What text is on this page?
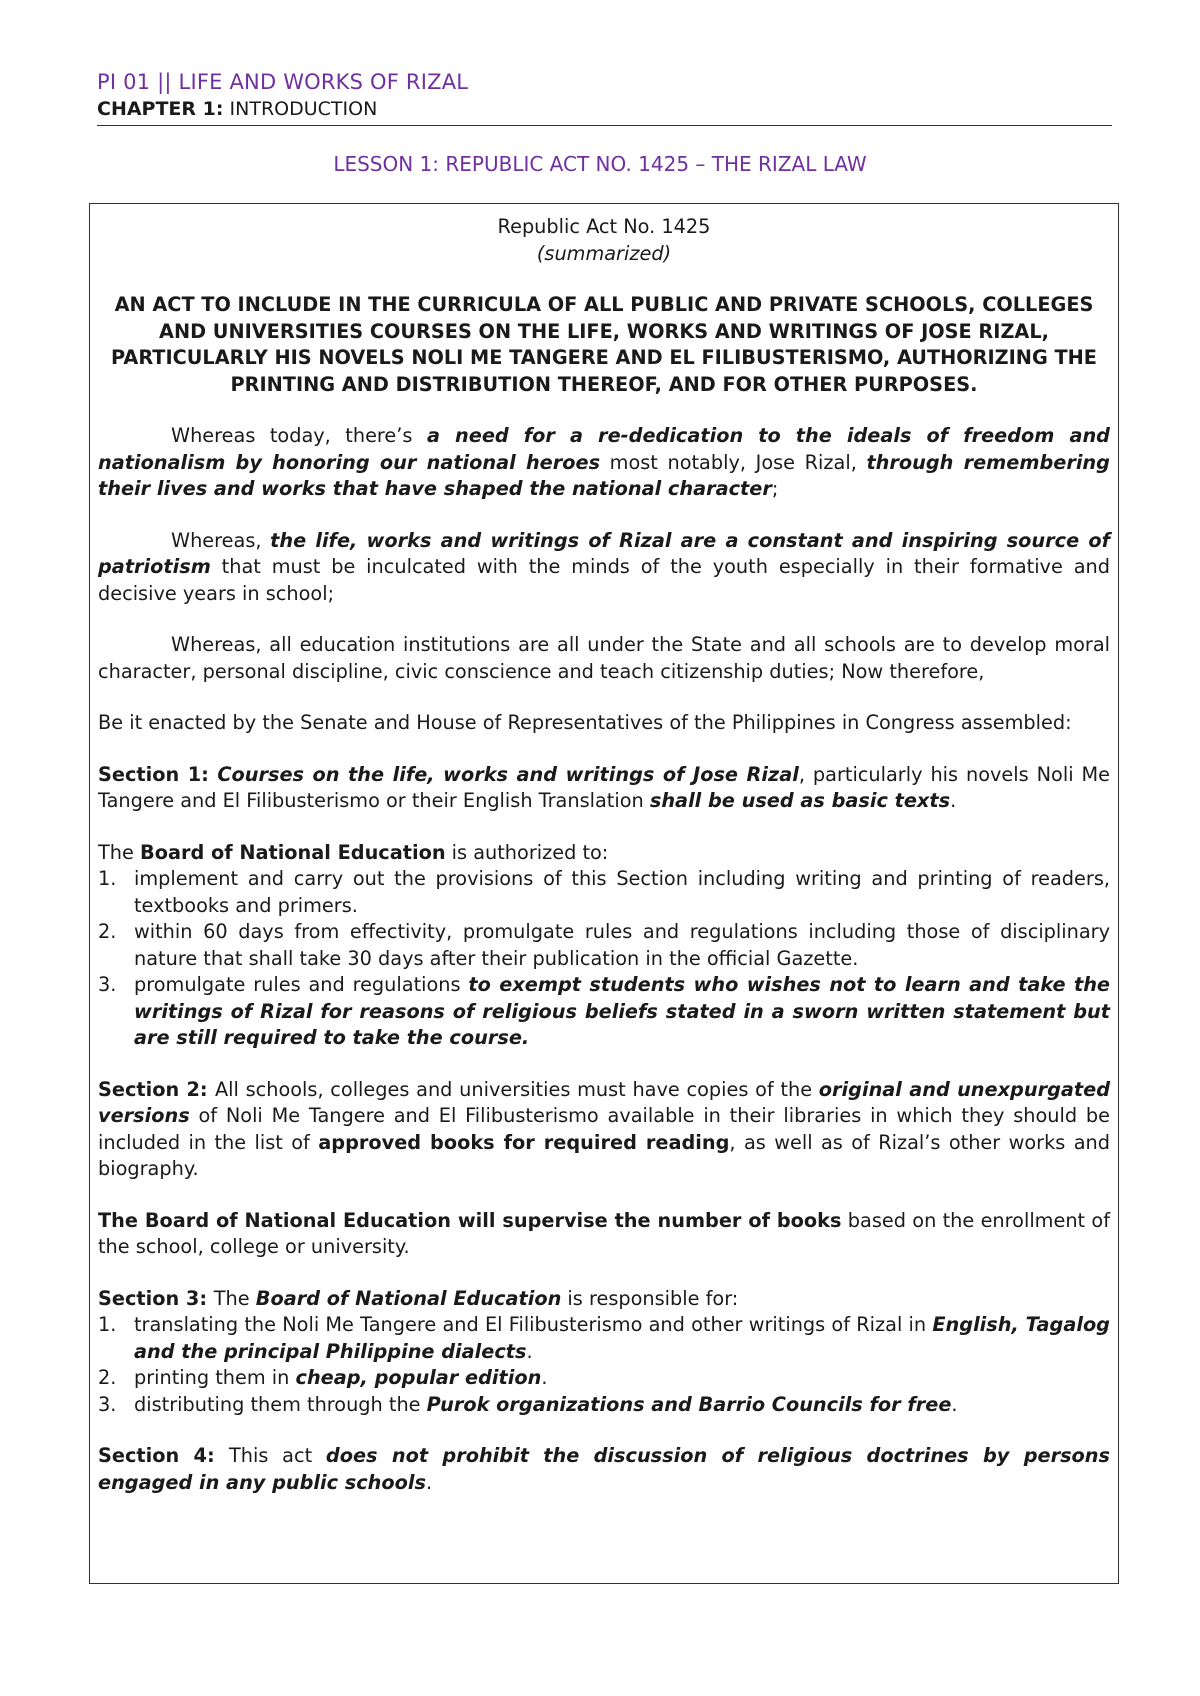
PI 01 || LIFE AND WORKS OF RIZAL
CHAPTER 1: INTRODUCTION
LESSON 1: REPUBLIC ACT NO. 1425 – THE RIZAL LAW

Republic Act No. 1425

(summarized)

AN ACT TO INCLUDE IN THE CURRICULA OF ALL PUBLIC AND PRIVATE SCHOOLS, COLLEGES AND UNIVERSITIES COURSES ON THE LIFE, WORKS AND WRITINGS OF JOSE RIZAL, PARTICULARLY HIS NOVELS NOLI ME TANGERE AND EL FILIBUSTERISMO, AUTHORIZING THE PRINTING AND DISTRIBUTION THEREOF, AND FOR OTHER PURPOSES.

Whereas today, there’s a need for a re-dedication to the ideals of freedom and nationalism by honoring our national heroes most notably, Jose Rizal, through remembering their lives and works that have shaped the national character;

Whereas, the life, works and writings of Rizal are a constant and inspiring source of patriotism that must be inculcated with the minds of the youth especially in their formative and decisive years in school;

Whereas, all education institutions are all under the State and all schools are to develop moral character, personal discipline, civic conscience and teach citizenship duties; Now therefore,

Be it enacted by the Senate and House of Representatives of the Philippines in Congress assembled:

Section 1: Courses on the life, works and writings of Jose Rizal, particularly his novels Noli Me Tangere and El Filibusterismo or their English Translation shall be used as basic texts.

The Board of National Education is authorized to:

1. implement and carry out the provisions of this Section including writing and printing of readers, textbooks and primers.
2. within 60 days from effectivity, promulgate rules and regulations including those of disciplinary nature that shall take 30 days after their publication in the official Gazette.
3. promulgate rules and regulations to exempt students who wishes not to learn and take the writings of Rizal for reasons of religious beliefs stated in a sworn written statement but are still required to take the course.

Section 2: All schools, colleges and universities must have copies of the original and unexpurgated versions of Noli Me Tangere and El Filibusterismo available in their libraries in which they should be included in the list of approved books for required reading, as well as of Rizal’s other works and biography.

The Board of National Education will supervise the number of books based on the enrollment of the school, college or university.

Section 3: The Board of National Education is responsible for:

1. translating the Noli Me Tangere and El Filibusterismo and other writings of Rizal in English, Tagalog and the principal Philippine dialects.
2. printing them in cheap, popular edition.
3. distributing them through the Purok organizations and Barrio Councils for free.

Section 4: This act does not prohibit the discussion of religious doctrines by persons engaged in any public schools.
